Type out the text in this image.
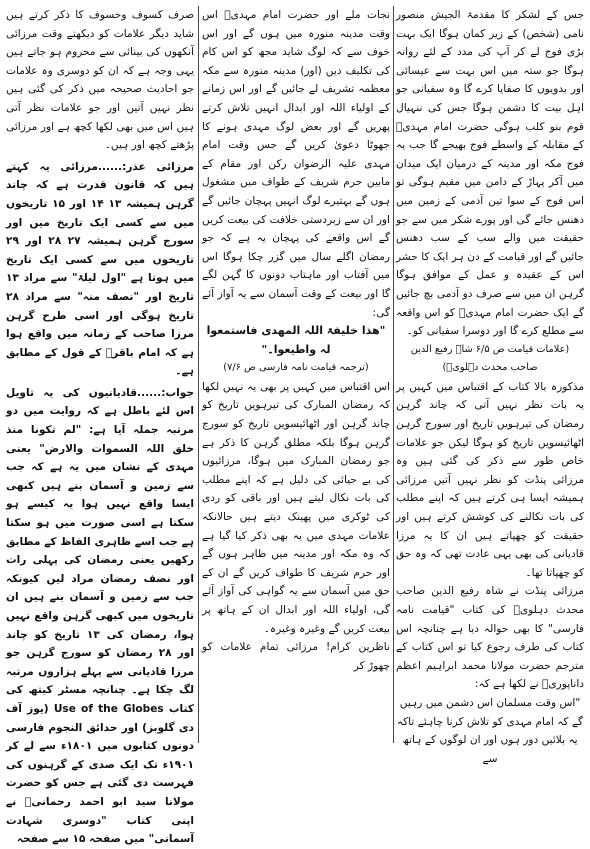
جس کے لشکر کا مقدمۃ الجیش منصور نامی (شخص) کے زیر کمان ہوگا ایک بہت بڑی فوج لے کر آپ کی مدد کے لئے روانہ ہوگا جو ستہ میں اس بہت سے عیسائی اور بدویوں کا صفایا کرے گا وہ سفیانی جو اہل بیت کا دشمن ہوگا جس کی ننہیال قوم بنو کلب ہوگی حضرت امام مہدیؓ کے مقابلہ کے واسطے فوج بھیجے گا جب یہ فوج مکہ اور مدینہ کے درمیان ایک میدان میں آکر پہاڑ کے دامن میں مقیم ہوگی تو اس فوج کے سوا تین آدمی کے زمین میں دھنس جائے گی اور پورے شکر میں سے جو حقیقت میں والے سب کے سب دھنس جائیں گے اور قیامت کے دن ہر ایک کا حشر اس کے عقیدہ و عمل کے موافق ہوگا گرہن ان میں سے صرف دو آدمی بچ جائیں گے ایک حضرت امام مہدیؓ کو اس واقعہ سے مطلع کرے گا اور دوسرا سفیانی کو۔

(علامات قیامت ص ۶/۵ شاہ رفیع الدین صاحب محدث دہلویؒ)

مذکورہ بالا کتاب کے اقتباس میں کہیں پر یہ بات نظر نہیں آتی کہ چاند گرہن رمضان کی تیرہویں تاریخ اور سورج گرہن اٹھائیسویں تاریخ کو ہوگا لیکن جو علامات خاص طور سے ذکر کی گئی ہیں وہ مرزائی پنڈت کو نظر نہیں آتیں مرزائی ہمیشہ ایسا ہی کرتے ہیں کہ اپنے مطلب کی بات نکالنے کی کوشش کرتے ہیں اور حقیقت کو چھپاتے ہیں ان کا یہ مرزا قادیانی کی بھی یہی عادت تھی کہ وہ حق کو چھپاتا تھا۔

مرزائی پنڈت نے شاہ رفیع الدین صاحب محدث دہلویؒ کی کتاب "قیامت نامہ فارسی" کا بھی حوالہ دیا ہے چنانچہ اس کتاب کی طرف رجوع کیا تو اس کتاب کے مترجم حضرت مولانا محمد ابراہیم اعظم داناپوریؒ نے لکھا ہے کہ:

"اس وقت مسلمان اس دشمن میں رہیں گے کہ امام مہدی کو تلاش کرنا چاہئے تاکہ یہ بلائیں دور ہوں اور ان لوگوں کے ہاتھ سے

نجات ملے اور حضرت امام مہدیؑ اس وقت مدینہ منورہ میں ہوں گے اور اس خوف سے کہ لوگ شاید مجھ کو اس کام کی تکلیف دیں (اور) مدینہ منورہ سے مکہ معظمہ تشریف لے جائیں گے اور اس زمانے کے اولیاء اللہ اور ابدال انہیں تلاش کرتے پھریں گے اور بعض لوگ مہدی ہونے کا جھوٹا دعویٰ کریں گے جس وقت امام مہدی علیہ الرضوان رکن اور مقام کے مابین حرم شریف کے طواف میں مشغول ہوں گے بہتیرے لوگ انہیں پہچان جائیں گے اور ان سے زبردستی خلافت کی بیعت کریں گے اس واقعے کی پہچان یہ ہے کہ جو رمضان اگلے سال میں گزر چکا ہوگا اس میں آفتاب اور ماہتاب دونوں کا گہن لگے گا اور بیعت کے وقت آسمان سے یہ آواز آئے گی:

"ھذا خلیفۃ اللہ المھدی فاستمعوا لہ واطیعوا۔"

(ترجمہ قیامت نامہ فارسی ص ۷/۶)

اس اقتباس میں کہیں پر بھی یہ نہیں لکھا کہ رمضان المبارک کی تیرہویں تاریخ کو چاند گرہن اور اٹھائیسویں تاریخ کو سورج گرہن ہوگا بلکہ مطلق گرہن کا ذکر ہے جو رمضان المبارک میں ہوگا، مرزائیوں کی بے حیائی کی دلیل ہے کہ اپنے مطلب کی بات نکال لیتے ہیں اور باقی کو ردی کی ٹوکری میں پھینک دیتے ہیں حالانکہ علامات مہدی میں یہ بھی ذکر کیا گیا ہے کہ وہ مکہ اور مدینہ میں ظاہر ہوں گے اور حرم شریف کا طواف کریں گے ان کے حق میں آسمان سے یہ گواہی کی آواز آئے گی، اولیاء اللہ اور ابدال ان کے ہاتھ پر بیعت کریں گے وغیرہ وغیرہ۔

ناظرین کرام! مرزائی تمام علامات کو چھوڑ کر

صرف کسوف وخسوف کا ذکر کرتے ہیں شاید دیگر علامات کو دیکھتے وقت مرزائی آنکھوں کی بینائی سے محروم ہو جاتے ہیں یہی وجہ ہے کہ ان کو دوسری وہ علامات جو احادیث صحیحہ میں ذکر کی گئی ہیں نظر نہیں آتیں اور جو علامات نظر آتی ہیں اس میں بھی لکھا کچھ ہے اور مرزائی پڑھتے کچھ اور ہیں۔

مرزائی عذر:......مرزائی یہ کہتے ہیں کہ قانون قدرت ہے کہ چاند گرہن ہمیشہ ۱۳ ۱۴ اور ۱۵ تاریخوں میں سے کسی ایک تاریخ میں اور سورج گرہن ہمیشہ ۲۷ ۲۸ اور ۲۹ تاریخوں میں سے کسی ایک تاریخ میں ہوتا ہے "اول لیلۃ" سے مراد ۱۳ تاریخ اور "نصف منہ" سے مراد ۲۸ تاریخ ہوگی اور اسی طرح گرہن مرزا صاحب کے زمانہ میں واقع ہوا ہے کہ امام باقرؒ کے قول کے مطابق ہے۔

جواب:......قادیانیوں کی یہ تاویل اس لئے باطل ہے کہ روایت میں دو مرتبہ جملہ آیا ہے: "لم تکونا منذ خلق اللہ السموات والارض" یعنی مہدی کے نشان میں یہ ہے کہ جب سے زمین و آسمان بنے ہیں کبھی ایسا واقع نہیں ہوا یہ کیسے ہو سکتا ہے اسی صورت میں ہو سکتا ہے جب اسے ظاہری الفاظ کے مطابق رکھیں یعنی رمضان کی پہلی رات اور نصف رمضان مراد لیں کیونکہ جب سے زمین و آسمان بنے ہیں ان تاریخوں میں کبھی گرہن واقع نہیں ہوا، رمضان کی ۱۳ تاریخ کو چاند اور ۲۸ رمضان کو سورج گرہن جو مرزا قادیانی سے پہلے ہزاروں مرتبہ لگ چکا ہے۔ چنانچہ مسٹر کیتھ کی کتاب Use of the Globes (یوز آف دی گلوبز) اور حدائق النجوم فارسی دونوں کتابوں میں ۱۸۰۱ء سے لے کر ۱۹۰۱ء تک ایک صدی کے گرہنوں کی فہرست دی گئی ہے جس کو حضرت مولانا سید ابو احمد رحمانیؒ نے اپنی کتاب "دوسری شہادت آسمانی" میں صفحہ ۱۵ سے صفحہ
